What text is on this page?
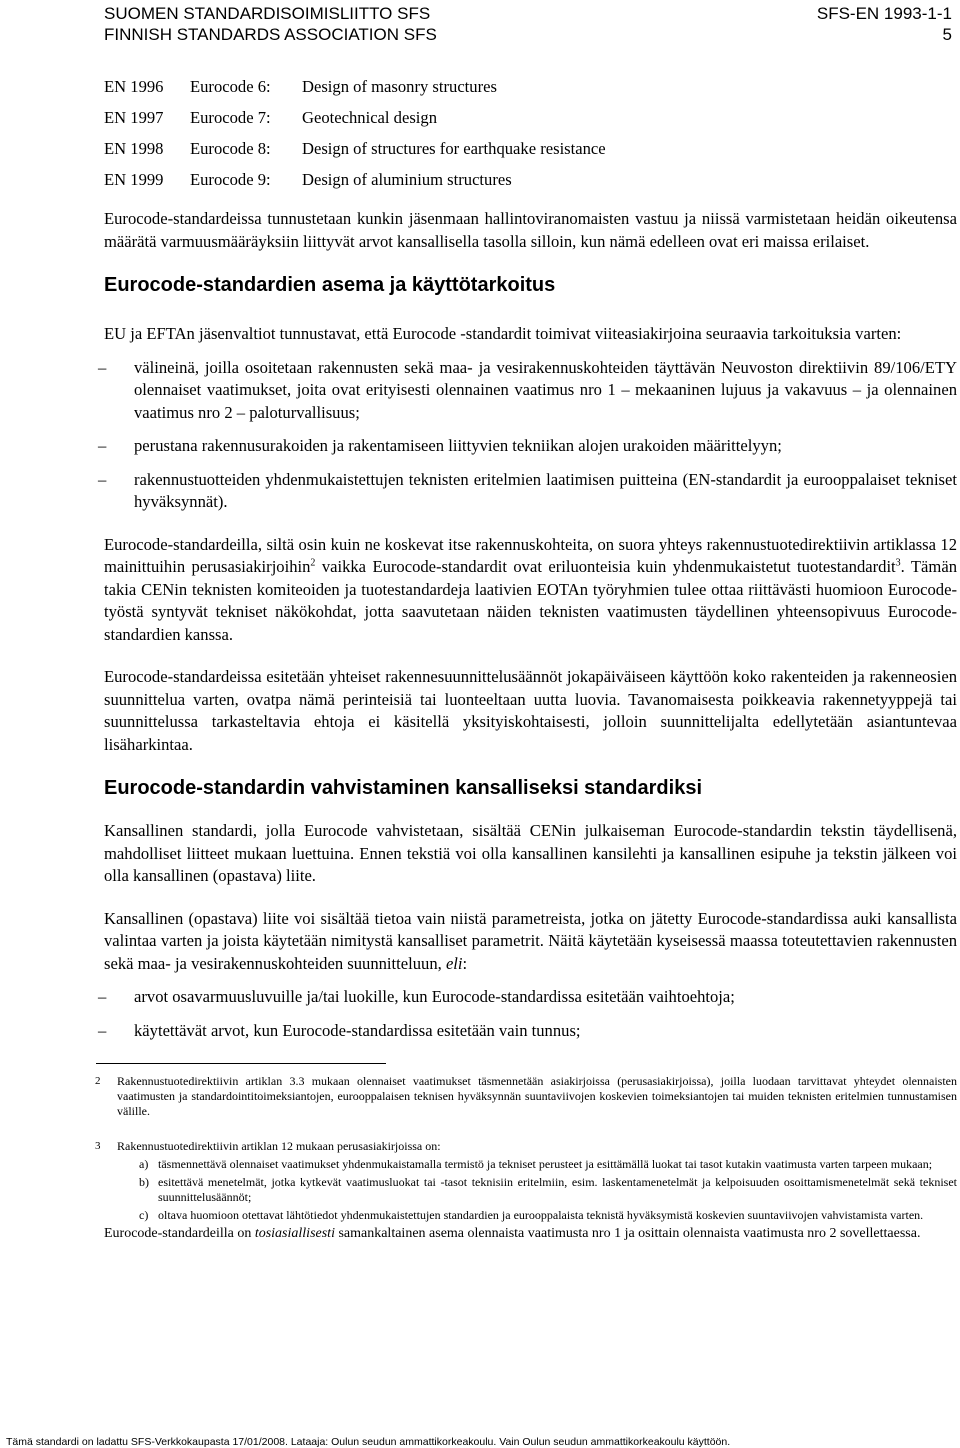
SUOMEN STANDARDISOIMISLIITTO SFS
FINNISH STANDARDS ASSOCIATION SFS
SFS-EN 1993-1-1
5
EN 1996	Eurocode 6:	Design of masonry structures
EN 1997	Eurocode 7:	Geotechnical design
EN 1998	Eurocode 8:	Design of structures for earthquake resistance
EN 1999	Eurocode 9:	Design of aluminium structures

Eurocode-standardeissa tunnustetaan kunkin jäsenmaan hallintoviranomaisten vastuu ja niissä varmistetaan heidän oikeutensa määrätä varmuusmääräyksiin liittyvät arvot kansallisella tasolla silloin, kun nämä edelleen ovat eri maissa erilaiset.

Eurocode-standardien asema ja käyttötarkoitus

EU ja EFTAn jäsenvaltiot tunnustavat, että Eurocode -standardit toimivat viiteasiakirjoina seuraavia tarkoituksia varten:

– välineinä, joilla osoitetaan rakennusten sekä maa- ja vesirakennuskohteiden täyttävän Neuvoston direktiivin 89/106/ETY olennaiset vaatimukset, joita ovat erityisesti olennainen vaatimus nro 1 – mekaaninen lujuus ja vakavuus – ja olennainen vaatimus nro 2 – paloturvallisuus;
– perustana rakennusurakoiden ja rakentamiseen liittyvien tekniikan alojen urakoiden määrittelyyn;
– rakennustuotteiden yhdenmukaistettujen teknisten eritelmien laatimisen puitteina (EN-standardit ja eurooppalaiset tekniset hyväksynnät).

Eurocode-standardeilla, siltä osin kuin ne koskevat itse rakennuskohteita, on suora yhteys rakennustuotedirektiivin artiklassa 12 mainittuihin perusasiakirjoihin$^2$ vaikka Eurocode-standardit ovat eriluonteisia kuin yhdenmukaistetut tuotestandardit$^3$. Tämän takia CENin teknisten komiteoiden ja tuotestandardeja laativien EOTAn työryhmien tulee ottaa riittävästi huomioon Eurocode-työstä syntyvät tekniset näkökohdat, jotta saavutetaan näiden teknisten vaatimusten täydellinen yhteensopivuus Eurocode-standardien kanssa.

Eurocode-standardeissa esitetään yhteiset rakennesuunnittelusäännöt jokapäiväiseen käyttöön koko rakenteiden ja rakenneosien suunnittelua varten, ovatpa nämä perinteisiä tai luonteeltaan uutta luovia. Tavanomaisesta poikkeavia rakennetyyppejä tai suunnittelussa tarkasteltavia ehtoja ei käsitellä yksityiskohtaisesti, jolloin suunnittelijalta edellytetään asiantuntevaa lisäharkintaa.

Eurocode-standardin vahvistaminen kansalliseksi standardiksi

Kansallinen standardi, jolla Eurocode vahvistetaan, sisältää CENin julkaiseman Eurocode-standardin tekstin täydellisenä, mahdolliset liitteet mukaan luettuina. Ennen tekstiä voi olla kansallinen kansilehti ja kansallinen esipuhe ja tekstin jälkeen voi olla kansallinen (opastava) liite.

Kansallinen (opastava) liite voi sisältää tietoa vain niistä parametreista, jotka on jätetty Eurocode-standardissa auki kansallista valintaa varten ja joista käytetään nimitystä kansalliset parametrit. Näitä käytetään kyseisessä maassa toteutettavien rakennusten sekä maa- ja vesirakennuskohteiden suunnitteluun, eli:

– arvot osavarmuusluvuille ja/tai luokille, kun Eurocode-standardissa esitetään vaihtoehtoja;
– käytettävät arvot, kun Eurocode-standardissa esitetään vain tunnus;
2 Rakennustuotedirektiivin artiklan 3.3 mukaan olennaiset vaatimukset täsmennetään asiakirjoissa (perusasiakirjoissa), joilla luodaan tarvittavat yhteydet olennaisten vaatimusten ja standardointitoimeksiantojen, eurooppalaisen teknisen hyväksynnän suuntaviivojen koskevien toimeksiantojen tai muiden teknisten eritelmien tunnustamisen välille.
3 Rakennustuotedirektiivin artiklan 12 mukaan perusasiakirjoissa on:
a) täsmennettävä olennaiset vaatimukset yhdenmukaistamalla termistö ja tekniset perusteet ja esittämällä luokat tai tasot kutakin vaatimusta varten tarpeen mukaan;
b) esitettävä menetelmät, jotka kytkevät vaatimusluokat tai -tasot teknisiin eritelmiin, esim. laskentamenetelmät ja kelpoisuuden osoittamismenetelmät sekä tekniset suunnittelusäännöt;
c) oltava huomioon otettavat lähtötiedot yhdenmukaistettujen standardien ja eurooppalaista teknistä hyväksymistä koskevien suuntaviivojen vahvistamista varten.

Eurocode-standardeilla on tosiasiallisesti samankaltainen asema olennaista vaatimusta nro 1 ja osittain olennaista vaatimusta nro 2 sovellettaessa.

Tämä standardi on ladattu SFS-Verkkokaupasta 17/01/2008. Lataaja: Oulun seudun ammattikorkeakoulu. Vain Oulun seudun ammattikorkeakoulu käyttöön.
